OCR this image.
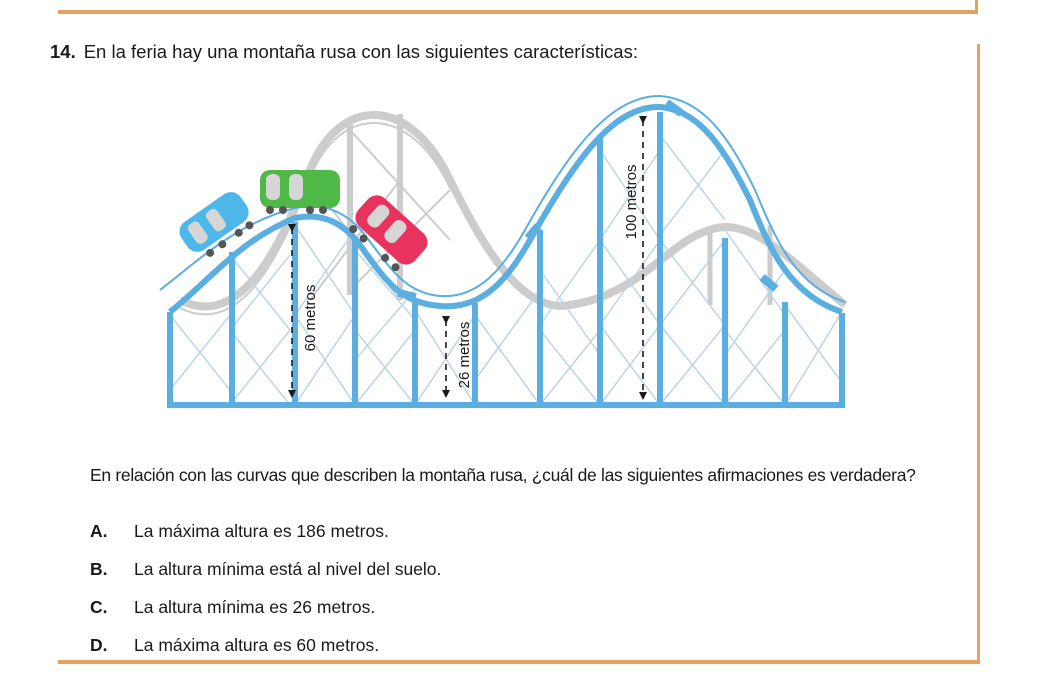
14. En la feria hay una montaña rusa con las siguientes características:
60 metros
26 metros
100 metros
En relación con las curvas que describen la montaña rusa, ¿cuál de las siguientes afirmaciones es verdadera?
A.	La máxima altura es 186 metros.
B.	La altura mínima está al nivel del suelo.
C.	La altura mínima es 26 metros.
D.	La máxima altura es 60 metros.
